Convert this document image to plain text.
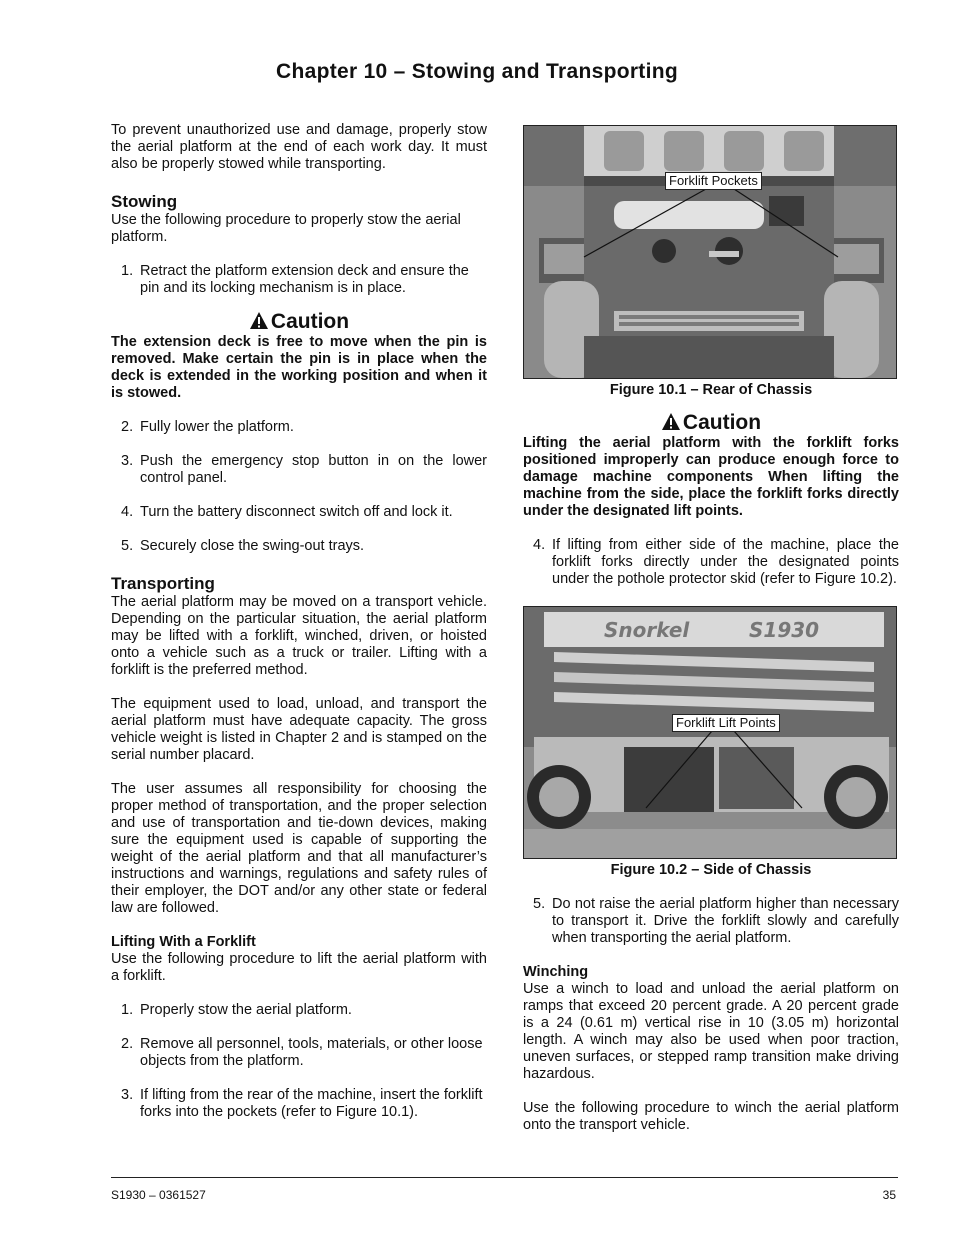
Chapter 10 – Stowing and Transporting

To prevent unauthorized use and damage, properly stow the aerial platform at the end of each work day. It must also be properly stowed while transporting.

Stowing

Use the following procedure to properly stow the aerial platform.

1. Retract the platform extension deck and ensure the pin and its locking mechanism is in place.
Caution

The extension deck is free to move when the pin is removed. Make certain the pin is in place when the deck is extended in the working position and when it is stowed.

2. Fully lower the platform.
3. Push the emergency stop button in on the lower control panel.
4. Turn the battery disconnect switch off and lock it.
5. Securely close the swing-out trays.
Transporting

The aerial platform may be moved on a transport vehicle. Depending on the particular situation, the aerial platform may be lifted with a forklift, winched, driven, or hoisted onto a vehicle such as a truck or trailer. Lifting with a forklift is the preferred method.

The equipment used to load, unload, and transport the aerial platform must have adequate capacity. The gross vehicle weight is listed in Chapter 2 and is stamped on the serial number placard.

The user assumes all responsibility for choosing the proper method of transportation, and the proper selection and use of transportation and tie-down devices, making sure the equipment used is capable of supporting the weight of the aerial platform and that all manufacturer’s instructions and warnings, regulations and safety rules of their employer, the DOT and/or any other state or federal law are followed.

Lifting With a Forklift

Use the following procedure to lift the aerial platform with a forklift.

1. Properly stow the aerial platform.
2. Remove all personnel, tools, materials, or other loose objects from the platform.
3. If lifting from the rear of the machine, insert the forklift forks into the pockets (refer to Figure 10.1).
Forklift Pockets
Figure 10.1 – Rear of Chassis
Caution

Lifting the aerial platform with the forklift forks positioned improperly can produce enough force to damage machine components When lifting the machine from the side, place the forklift forks directly under the designated lift points.

4. If lifting from either side of the machine, place the forklift forks directly under the designated points under the pothole protector skid (refer to Figure 10.2).
Snorkel	S1930
Forklift Lift Points
Figure 10.2 – Side of Chassis
5. Do not raise the aerial platform higher than necessary to transport it. Drive the forklift slowly and carefully when transporting the aerial platform.
Winching

Use a winch to load and unload the aerial platform on ramps that exceed 20 percent grade. A 20 percent grade is a 24 (0.61 m) vertical rise in 10 (3.05 m) horizontal length. A winch may also be used when poor traction, uneven surfaces, or stepped ramp transition make driving hazardous.

Use the following procedure to winch the aerial platform onto the transport vehicle.

S1930 – 0361527	35
